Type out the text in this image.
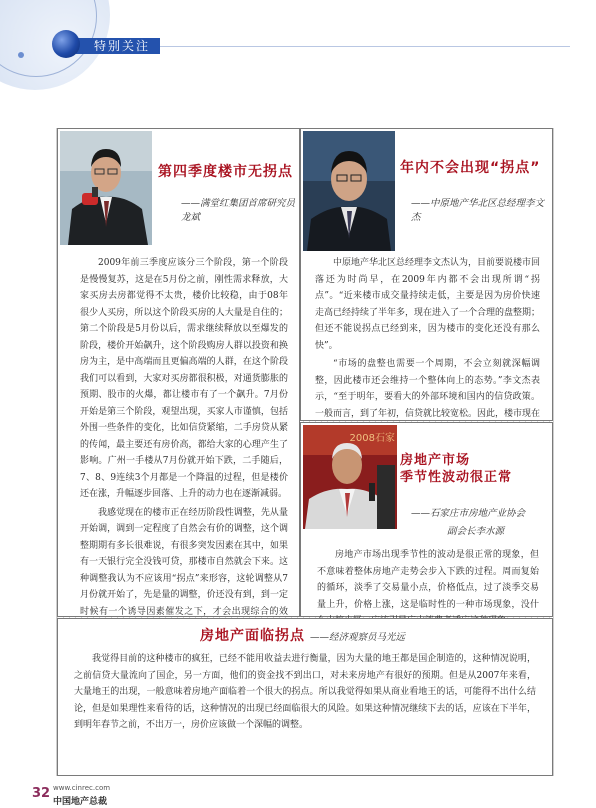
特别关注
第四季度楼市无拐点
——满堂红集团首席研究员龙斌

2009年前三季度应该分三个阶段，第一个阶段是慢慢复苏，这是在5月份之前，刚性需求释放，大家买房去房都觉得不太贵，楼价比较稳，由于08年很少人买房，所以这个阶段买房的人大量是自住的；第二个阶段是5月份以后，需求继续释放以至爆发的阶段，楼价开始飙升，这个阶段购房人群以投资和换房为主，是中高端而且更偏高端的人群，在这个阶段我们可以看到，大家对买房都很积极，对通货膨胀的预期、股市的火爆，都让楼市有了一个飙升。7月份开始是第三个阶段，观望出现，买家人市谨慎，包括外围一些条件的变化，比如信贷紧缩，二手房贷从紧的传闻，最主要还有房价高，都给大家的心理产生了影响。广州一手楼从7月份就开始下跌，二手随后，7、8、9连续3个月都是一个降温的过程，但是楼价还在涨，升幅逐步回落、上升的动力也在逐渐减弱。

我感觉现在的楼市正在经历阶段性调整，先从量开始调，调到一定程度了自然会有价的调整，这个调整期期有多长很难说，有很多突发因素在其中，如果有一天银行完全没钱可贷，那楼市自然就会下来。这种调整我认为不应该用“拐点”来形容，这轮调整从7月份就开始了，先是量的调整，价还没有到，到一定时候有一个诱导因素催发之下，才会出现综合的效

年内不会出现“拐点”
——中原地产华北区总经理李文杰

中原地产华北区总经理李文杰认为，目前要说楼市回落还为时尚早，在2009年内都不会出现所谓“拐点”。“近来楼市成交量持续走低，主要是因为房价快速走高已经持续了半年多，现在进入了一个合理的盘整期；但还不能说拐点已经到来，因为楼市的变化还没有那么快”。

“市场的盘整也需要一个周期，不会立刻就深幅调整，因此楼市还会维持一个整体向上的态势。”李文杰表示，“至于明年，要看大的外部环境和国内的信贷政策。一般而言，到了年初，信贷就比较宽松。因此，楼市现在

2008石家
房地产市场
季节性波动很正常
——石家庄市房地产业协会
副会长李水源

房地产市场出现季节性的波动是很正常的现象，但不意味着整体房地产走势会步入下跌的过程。周而复始的循环，淡季了交易量小点，价格低点，过了淡季交易量上升，价格上涨，这是临时性的一种市场现象，没什

房地产面临拐点 ——经济观察员马光远

我觉得目前的这种楼市的疯狂，已经不能用收益去进行衡量，因为大量的地王都是国企制造的，这种情况说明，之前信贷大量流向了国企，另一方面，他们的资金找不到出口，对未来房地产有很好的预期。但是从2007年来看，大量地王的出现，一般意味着房地产面临着一个很大的拐点。所以我觉得如果从商业看地王的话，可能得不出什么结论，但是如果理性来看待的话，这种情况的出现已经面临很大的风险。如果这种情况继续下去的话，应该在下半年，到明年春节之前，不出万一，房价应该做一个深幅的调整。

32 www.cinrec.com
中国地产总裁
